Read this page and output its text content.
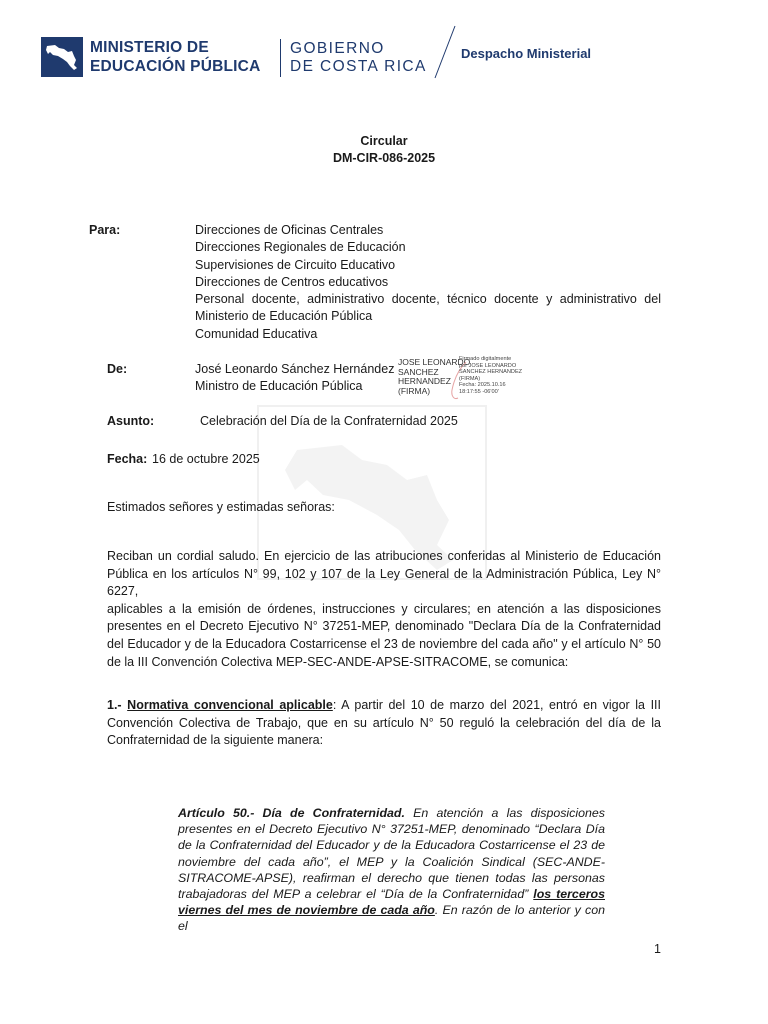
MINISTERIO DE
EDUCACIÓN PÚBLICA
GOBIERNO
DE COSTA RICA
Despacho Ministerial
Circular
DM-CIR-086-2025
Para:	Direcciones de Oficinas Centrales
Direcciones Regionales de Educación
Supervisiones de Circuito Educativo
Direcciones de Centros educativos
Personal docente, administrativo docente, técnico docente y administrativo del
Ministerio de Educación Pública
Comunidad Educativa
De:	José Leonardo Sánchez Hernández
Ministro de Educación Pública
JOSE LEONARDO
SANCHEZ
HERNANDEZ
(FIRMA)
Firmado digitalmente
por JOSE LEONARDO
SANCHEZ HERNANDEZ
(FIRMA)
Fecha: 2025.10.16
18:17:55 -06'00'
Asunto:	Celebración del Día de la Confraternidad 2025
Fecha: 16 de octubre 2025
Estimados señores y estimadas señoras:
Reciban un cordial saludo. En ejercicio de las atribuciones conferidas al Ministerio de Educación
Pública en los artículos N° 99, 102 y 107 de la Ley General de la Administración Pública, Ley N° 6227,
aplicables a la emisión de órdenes, instrucciones y circulares; en atención a las disposiciones
presentes en el Decreto Ejecutivo N° 37251-MEP, denominado "Declara Día de la Confraternidad
del Educador y de la Educadora Costarricense el 23 de noviembre del cada año" y el artículo N° 50
de la III Convención Colectiva MEP-SEC-ANDE-APSE-SITRACOME, se comunica:
1.- Normativa convencional aplicable: A partir del 10 de marzo del 2021, entró en vigor la III
Convención Colectiva de Trabajo, que en su artículo N° 50 reguló la celebración del día de la
Confraternidad de la siguiente manera:
Artículo 50.- Día de Confraternidad. En atención a las disposiciones
presentes en el Decreto Ejecutivo N° 37251-MEP, denominado “Declara Día
de la Confraternidad del Educador y de la Educadora Costarricense el 23 de
noviembre del cada año”, el MEP y la Coalición Sindical (SEC-ANDE-
SITRACOME-APSE), reafirman el derecho que tienen todas las personas
trabajadoras del MEP a celebrar el “Día de la Confraternidad” los terceros
viernes del mes de noviembre de cada año. En razón de lo anterior y con el
1
